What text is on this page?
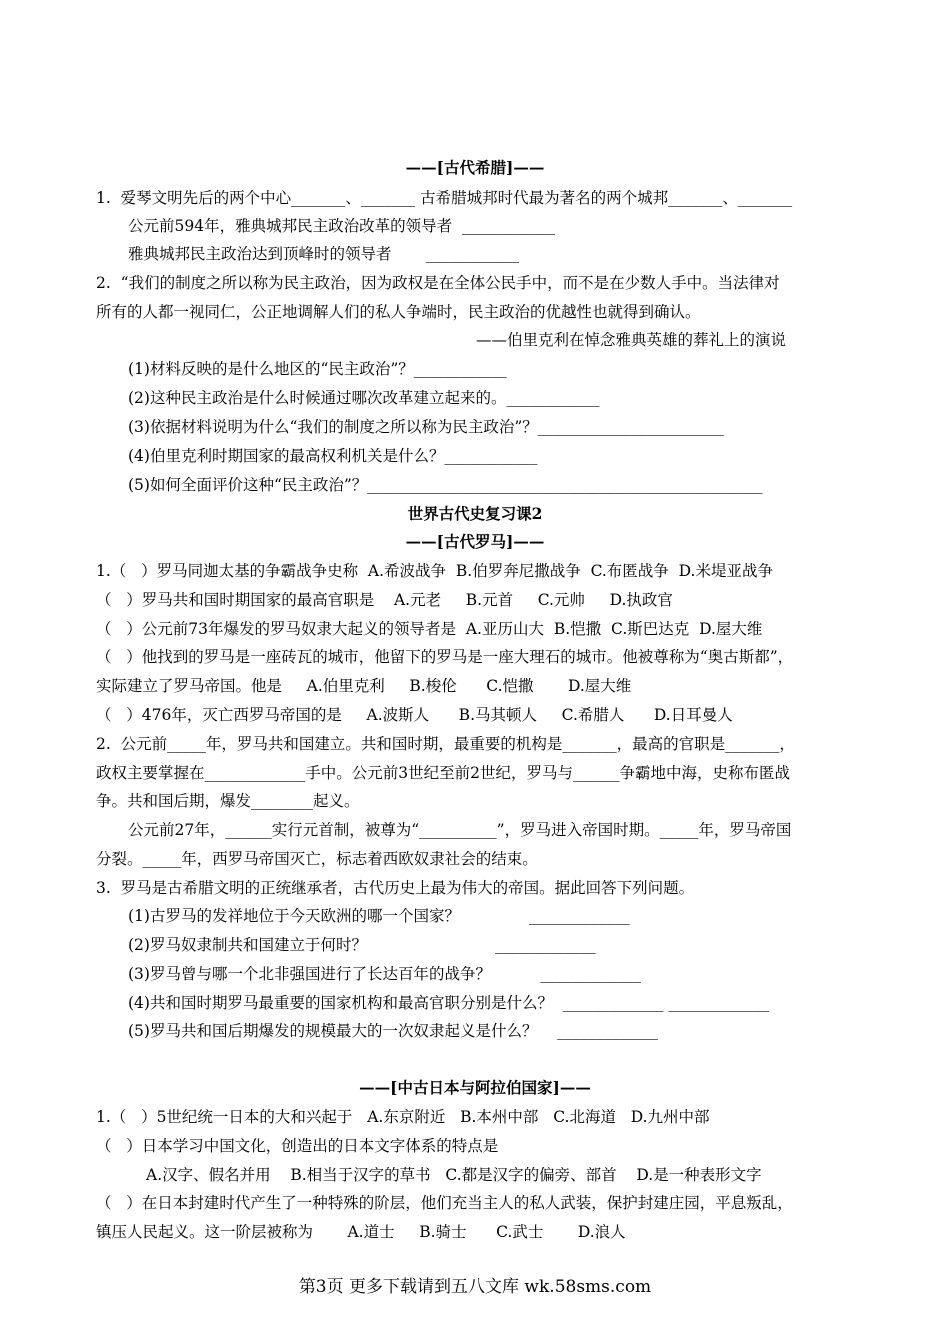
——[古代希腊]——
1.  爱琴文明先后的两个中心_______、_______ 古希腊城邦时代最为著名的两个城邦_______、_______
公元前594年，雅典城邦民主政治改革的领导者  ____________
雅典城邦民主政治达到顶峰时的领导者       ____________
2.  “我们的制度之所以称为民主政治，因为政权是在全体公民手中，而不是在少数人手中。当法律对
所有的人都一视同仁，公正地调解人们的私人争端时，民主政治的优越性也就得到确认。
——伯里克利在悼念雅典英雄的葬礼上的演说
(1)材料反映的是什么地区的“民主政治”？____________
(2)这种民主政治是什么时候通过哪次改革建立起来的。____________
(3)依据材料说明为什么“我们的制度之所以称为民主政治”？________________________
(4)伯里克利时期国家的最高权利机关是什么？____________
(5)如何全面评价这种“民主政治”？___________________________________________________
世界古代史复习课2
——[古代罗马]——
1.（   ）罗马同迦太基的争霸战争史称  A.希波战争  B.伯罗奔尼撒战争  C.布匿战争  D.米堤亚战争
（   ）罗马共和国时期国家的最高官职是    A.元老     B.元首     C.元帅     D.执政官
（   ）公元前73年爆发的罗马奴隶大起义的领导者是  A.亚历山大  B.恺撒  C.斯巴达克  D.屋大维
（   ）他找到的罗马是一座砖瓦的城市，他留下的罗马是一座大理石的城市。他被尊称为“奥古斯都”，
实际建立了罗马帝国。他是     A.伯里克利     B.梭伦      C.恺撒       D.屋大维
（   ）476年，灭亡西罗马帝国的是     A.波斯人      B.马其顿人     C.希腊人      D.日耳曼人
2.  公元前_____年，罗马共和国建立。共和国时期，最重要的机构是_______，最高的官职是_______，
政权主要掌握在_____________手中。公元前3世纪至前2世纪，罗马与______争霸地中海，史称布匿战
争。共和国后期，爆发________起义。
公元前27年，______实行元首制，被尊为“__________”，罗马进入帝国时期。_____年，罗马帝国
分裂。_____年，西罗马帝国灭亡，标志着西欧奴隶社会的结束。
3.  罗马是古希腊文明的正统继承者，古代历史上最为伟大的帝国。据此回答下列问题。
(1)古罗马的发祥地位于今天欧洲的哪一个国家？              _____________
(2)罗马奴隶制共和国建立于何时？                          _____________
(3)罗马曾与哪一个北非强国进行了长达百年的战争？          _____________
(4)共和国时期罗马最重要的国家机构和最高官职分别是什么？  _____________ _____________
(5)罗马共和国后期爆发的规模最大的一次奴隶起义是什么？    _____________
——[中古日本与阿拉伯国家]——
1.（   ）5世纪统一日本的大和兴起于   A.东京附近   B.本州中部   C.北海道   D.九州中部
（   ）日本学习中国文化，创造出的日本文字体系的特点是
A.汉字、假名并用    B.相当于汉字的草书   C.都是汉字的偏旁、部首    D.是一种表形文字
（   ）在日本封建时代产生了一种特殊的阶层，他们充当主人的私人武装，保护封建庄园，平息叛乱，
镇压人民起义。这一阶层被称为       A.道士     B.骑士      C.武士       D.浪人
第3页 更多下载请到五八文库 wk.58sms.com
